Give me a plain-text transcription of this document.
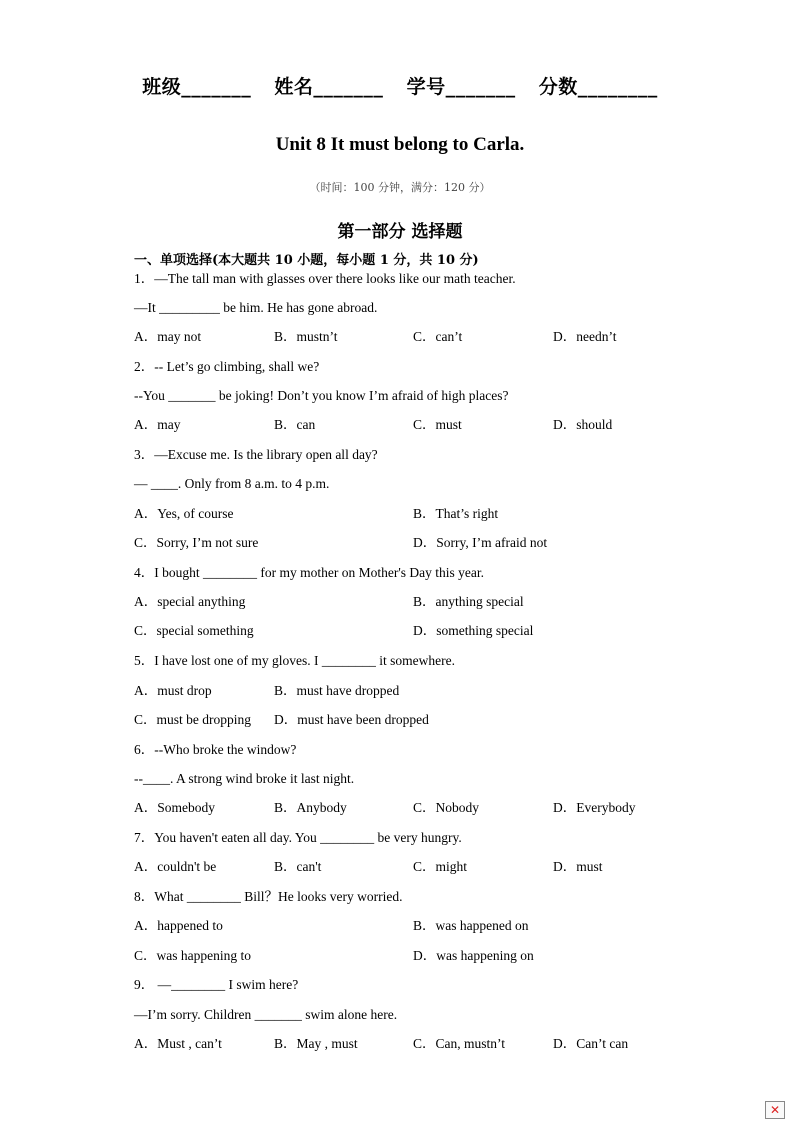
班级_______ 姓名_______ 学号_______ 分数________
Unit 8 It must belong to Carla.
（时间：100 分钟，满分：120 分）
第一部分 选择题
一、单项选择(本大题共 10 小题，每小题 1 分，共 10 分)
1．—The tall man with glasses over there looks like our math teacher.
—It _________ be him. He has gone abroad.
A．may not	B．mustn’t	C．can’t	D．needn’t
2．-- Let’s go climbing, shall we?
--You _______ be joking! Don’t you know I’m afraid of high places?
A．may	B．can	C．must	D．should
3．—Excuse me. Is the library open all day?
— ____. Only from 8 a.m. to 4 p.m.
A．Yes, of course	B．That’s right
C．Sorry, I’m not sure	D．Sorry, I’m afraid not
4．I bought ________ for my mother on Mother's Day this year.
A．special anything	B．anything special
C．special something	D．something special
5．I have lost one of my gloves. I ________ it somewhere.
A．must drop	B．must have dropped
C．must be dropping D．must have been dropped
6．--Who broke the window?
--____. A strong wind broke it last night.
A．Somebody	B．Anybody	C．Nobody	D．Everybody
7．You haven't eaten all day. You ________ be very hungry.
A．couldn't be	B．can't	C．might	D．must
8．What ________ Bill？He looks very worried.
A．happened to	B．was happened on
C．was happening to	D．was happening on
9． —________ I swim here?
—I’m sorry. Children _______ swim alone here.
A．Must , can’t	B．May , must	C．Can, mustn’t	D．Can’t can
✕
